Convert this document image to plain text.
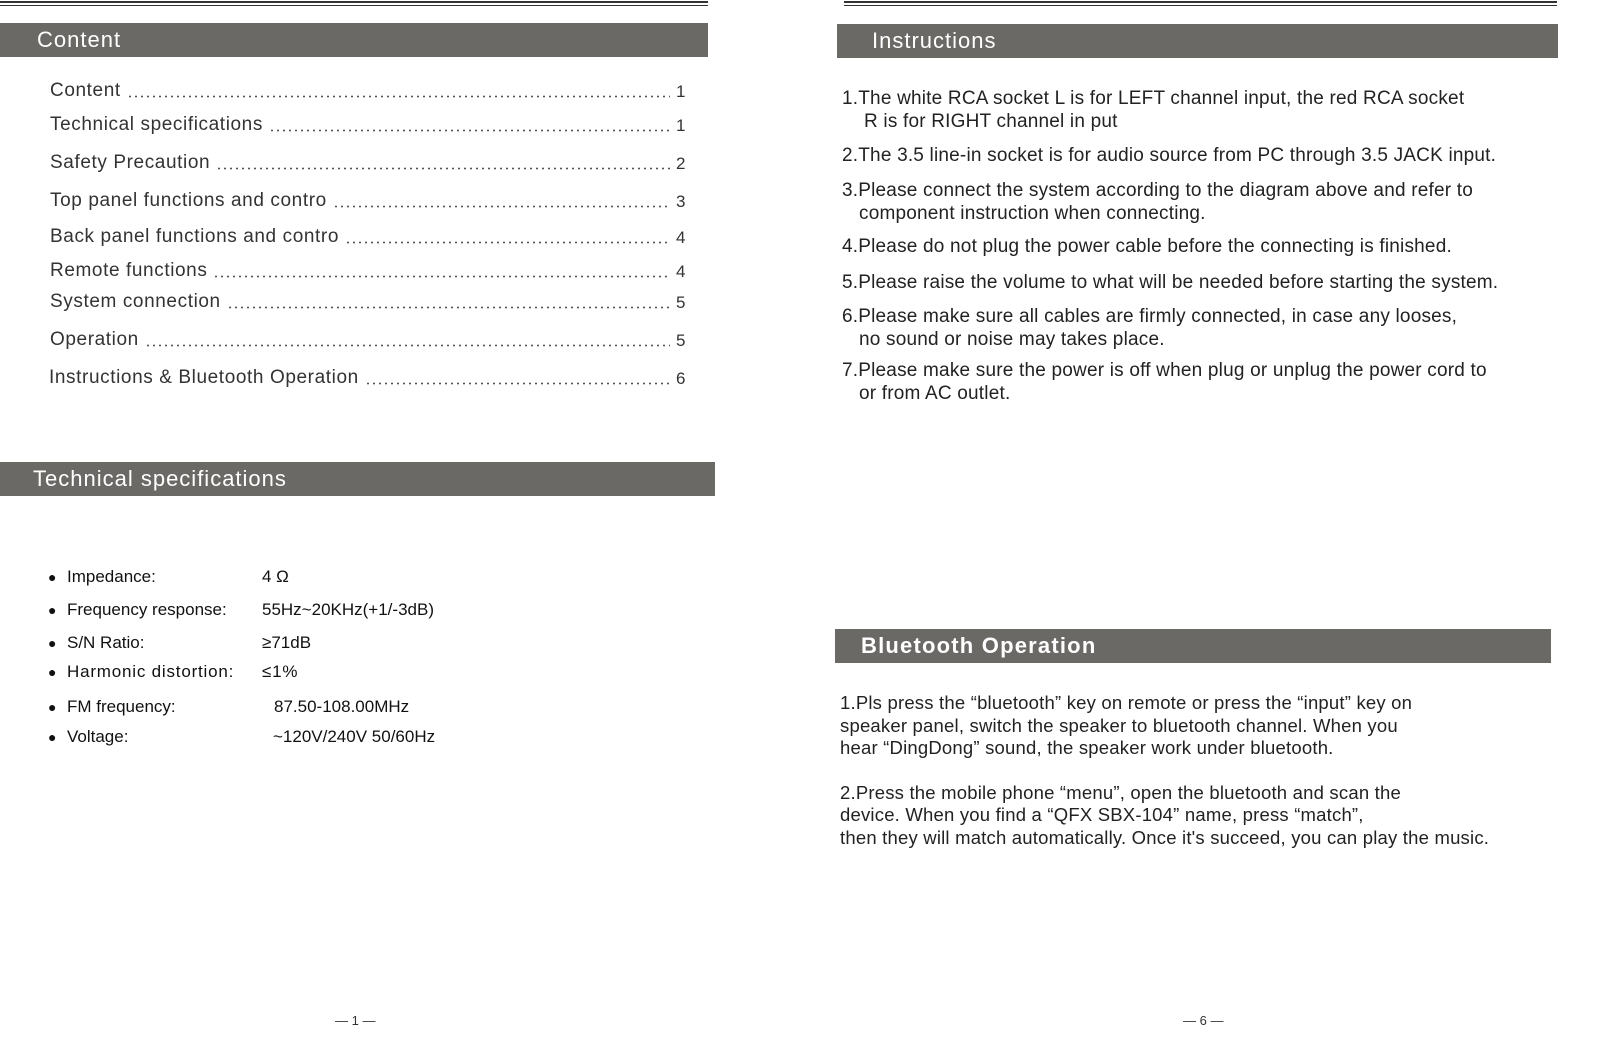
Content
Content	1
Technical specifications	1
Safety Precaution	2
Top panel functions and contro	3
Back panel functions and contro	4
Remote functions	4
System connection	5
Operation	5
Instructions & Bluetooth Operation	6
Technical specifications
● Impedance:	4 Ω
● Frequency response:	55Hz~20KHz(+1/-3dB)
● S/N Ratio:	≥71dB
● Harmonic distortion:	≤1%
● FM frequency:	87.50-108.00MHz
● Voltage:	~120V/240V 50/60Hz
— 1 —
Instructions
1.The white RCA socket L is for LEFT channel input, the red RCA socket
R is for RIGHT channel in put
2.The 3.5 line-in socket is for audio source from PC through 3.5 JACK input.
3.Please connect the system according to the diagram above and refer to
component instruction when connecting.
4.Please do not plug the power cable before the connecting is finished.
5.Please raise the volume to what will be needed before starting the system.
6.Please make sure all cables are firmly connected, in case any looses,
no sound or noise may takes place.
7.Please make sure the power is off when plug or unplug the power cord to
or from AC outlet.
Bluetooth Operation

1.Pls press the “bluetooth” key on remote or press the “input” key on
speaker panel, switch the speaker to bluetooth channel. When you
hear “DingDong” sound, the speaker work under bluetooth.

2.Press the mobile phone “menu”, open the bluetooth and scan the
device. When you find a “QFX SBX-104” name, press “match”,
then they will match automatically. Once it's succeed, you can play the music.

— 6 —
